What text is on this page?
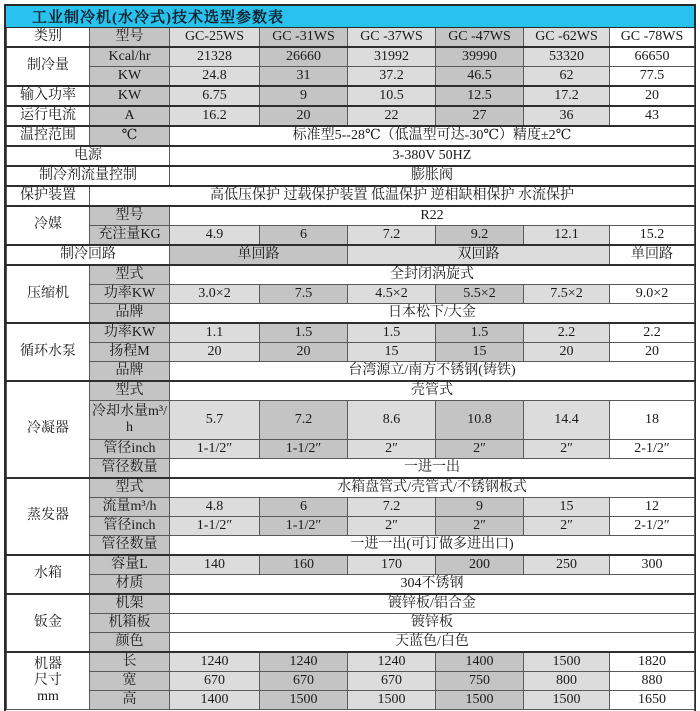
工业制冷机(水冷式)技术选型参数表
类别	型号	GC-25WS	GC -31WS	GC -37WS	GC -47WS	GC -62WS	GC -78WS
制冷量	Kcal/hr	21328	26660	31992	39990	53320	66650
	KW	24.8	31	37.2	46.5	62	77.5
输入功率	KW	6.75	9	10.5	12.5	17.2	20
运行电流	A	16.2	20	22	27	36	43
温控范围	℃	标准型5--28℃（低温型可达-30℃）精度±2℃					
电源		3-380V 50HZ					
制冷剂流量控制		膨胀阀					
保护装置	高低压保护 过载保护装置 低温保护 逆相缺相保护 水流保护						
冷媒	型号	R22					
	充注量KG	4.9	6	7.2	9.2	12.1	15.2
制冷回路		单回路		双回路			单回路
压缩机	型式	全封闭涡旋式					
	功率KW	3.0×2	7.5	4.5×2	5.5×2	7.5×2	9.0×2
	品牌	日本松下/大金					
循环水泵	功率KW	1.1	1.5	1.5	1.5	2.2	2.2
	扬程M	20	20	15	15	20	20
	品牌	台湾源立/南方不锈钢(铸铁)					
冷凝器	型式	壳管式					
	冷却水量m³/h	5.7	7.2	8.6	10.8	14.4	18
	管径inch	1-1/2″	1-1/2″	2″	2″	2″	2-1/2″
	管径数量	一进一出					
蒸发器	型式	水箱盘管式/壳管式/不锈钢板式					
	流量m³/h	4.8	6	7.2	9	15	12
	管径inch	1-1/2″	1-1/2″	2″	2″	2″	2-1/2″
	管径数量	一进一出(可订做多进出口)					
水箱	容量L	140	160	170	200	250	300
	材质	304不锈钢					
钣金	机架	镀锌板/铝合金					
	机箱板	镀锌板					
	颜色	天蓝色/白色					

机器
尺寸
mm	长	1240	1240	1240	1400	1500	1820
	宽	670	670	670	750	800	880
	高	1400	1500	1500	1500	1500	1650
